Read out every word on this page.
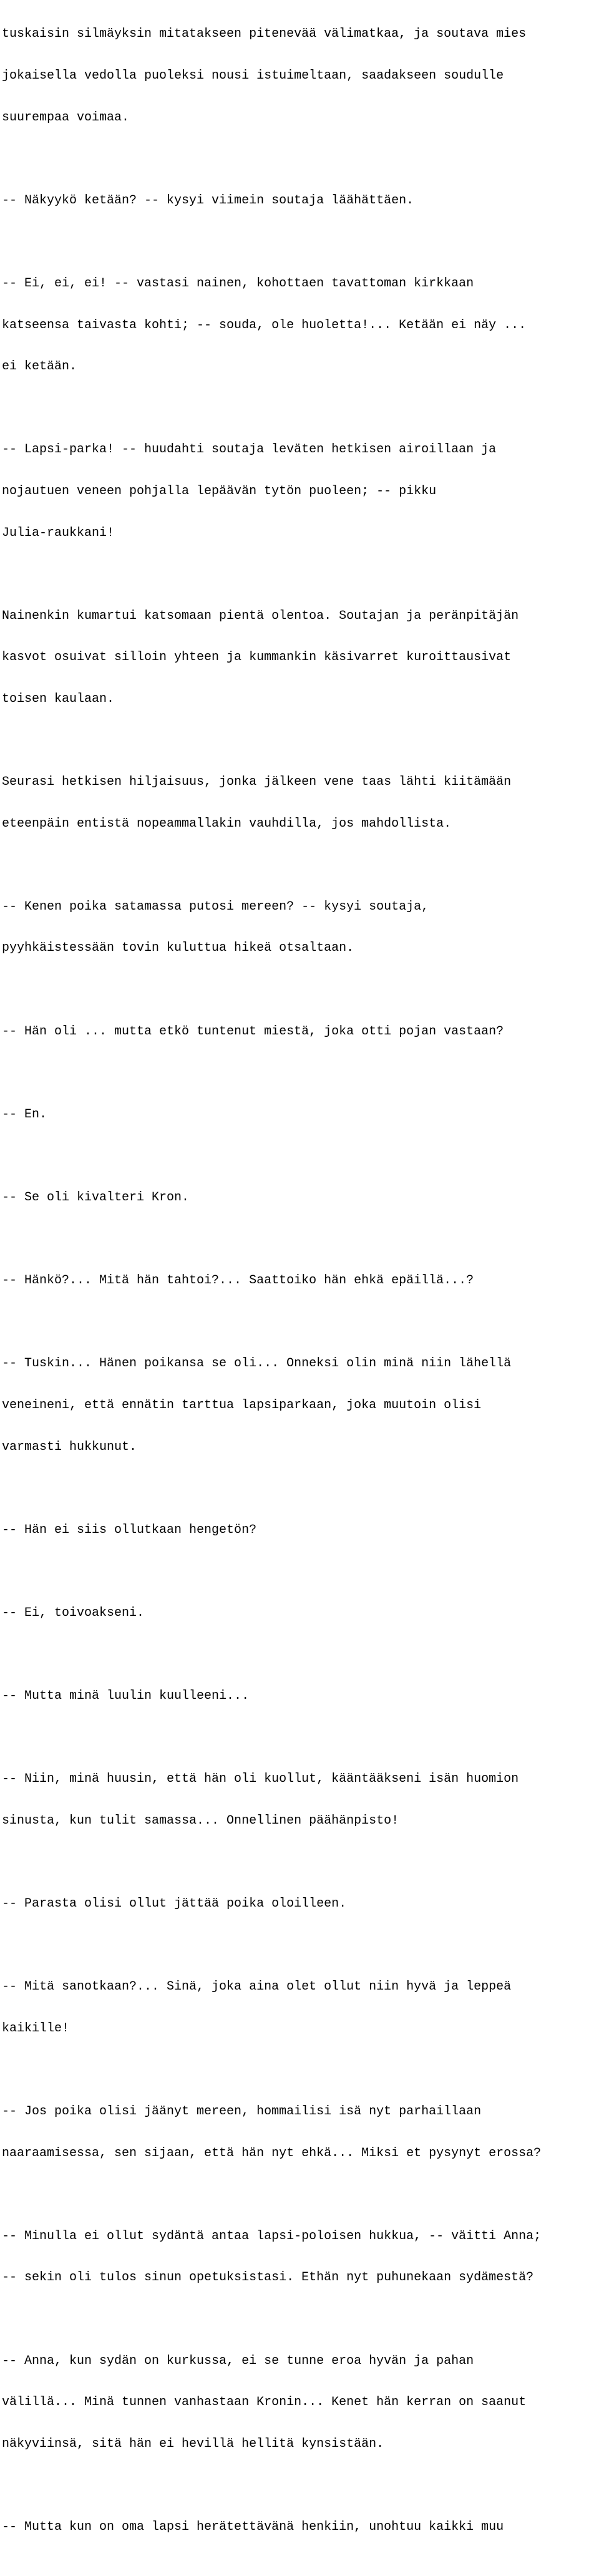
tuskaisin silmäyksin mitatakseen pitenevää välimatkaa, ja soutava mies

jokaisella vedolla puoleksi nousi istuimeltaan, saadakseen soudulle

suurempaa voimaa.

-- Näkyykö ketään? -- kysyi viimein soutaja läähättäen.

-- Ei, ei, ei! -- vastasi nainen, kohottaen tavattoman kirkkaan

katseensa taivasta kohti; -- souda, ole huoletta!... Ketään ei näy ...

ei ketään.

-- Lapsi-parka! -- huudahti soutaja leväten hetkisen airoillaan ja

nojautuen veneen pohjalla lepäävän tytön puoleen; -- pikku

Julia-raukkani!

Nainenkin kumartui katsomaan pientä olentoa. Soutajan ja peränpitäjän

kasvot osuivat silloin yhteen ja kummankin käsivarret kuroittausivat

toisen kaulaan.

Seurasi hetkisen hiljaisuus, jonka jälkeen vene taas lähti kiitämään

eteenpäin entistä nopeammallakin vauhdilla, jos mahdollista.

-- Kenen poika satamassa putosi mereen? -- kysyi soutaja,

pyyhkäistessään tovin kuluttua hikeä otsaltaan.

-- Hän oli ... mutta etkö tuntenut miestä, joka otti pojan vastaan?

-- En.

-- Se oli kivalteri Kron.

-- Hänkö?... Mitä hän tahtoi?... Saattoiko hän ehkä epäillä...?

-- Tuskin... Hänen poikansa se oli... Onneksi olin minä niin lähellä

veneineni, että ennätin tarttua lapsiparkaan, joka muutoin olisi

varmasti hukkunut.

-- Hän ei siis ollutkaan hengetön?

-- Ei, toivoakseni.

-- Mutta minä luulin kuulleeni...

-- Niin, minä huusin, että hän oli kuollut, kääntääkseni isän huomion

sinusta, kun tulit samassa... Onnellinen päähänpisto!

-- Parasta olisi ollut jättää poika oloilleen.

-- Mitä sanotkaan?... Sinä, joka aina olet ollut niin hyvä ja leppeä

kaikille!

-- Jos poika olisi jäänyt mereen, hommailisi isä nyt parhaillaan

naaraamisessa, sen sijaan, että hän nyt ehkä... Miksi et pysynyt erossa?

-- Minulla ei ollut sydäntä antaa lapsi-poloisen hukkua, -- väitti Anna;

-- sekin oli tulos sinun opetuksistasi. Ethän nyt puhunekaan sydämestä?

-- Anna, kun sydän on kurkussa, ei se tunne eroa hyvän ja pahan

välillä... Minä tunnen vanhastaan Kronin... Kenet hän kerran on saanut

näkyviinsä, sitä hän ei hevillä hellitä kynsistään.

-- Mutta kun on oma lapsi herätettävänä henkiin, unohtuu kaikki muu
